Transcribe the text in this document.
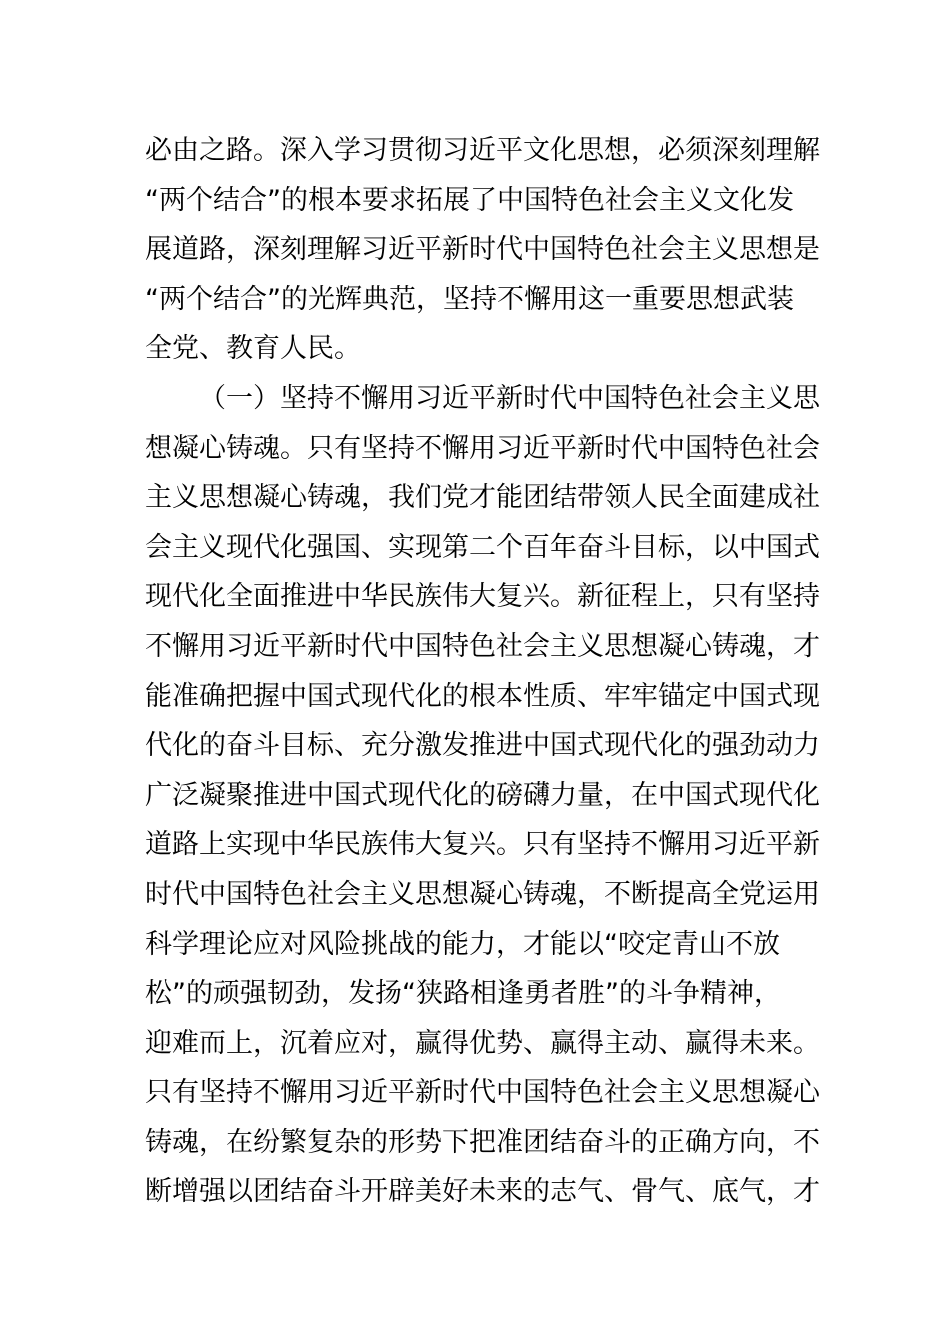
必由之路。深入学习贯彻习近平文化思想，必须深刻理解
“两个结合”的根本要求拓展了中国特色社会主义文化发
展道路，深刻理解习近平新时代中国特色社会主义思想是
“两个结合”的光辉典范，坚持不懈用这一重要思想武装
全党、教育人民。
（一）坚持不懈用习近平新时代中国特色社会主义思
想凝心铸魂。只有坚持不懈用习近平新时代中国特色社会
主义思想凝心铸魂，我们党才能团结带领人民全面建成社
会主义现代化强国、实现第二个百年奋斗目标，以中国式
现代化全面推进中华民族伟大复兴。新征程上，只有坚持
不懈用习近平新时代中国特色社会主义思想凝心铸魂，才
能准确把握中国式现代化的根本性质、牢牢锚定中国式现
代化的奋斗目标、充分激发推进中国式现代化的强劲动力
广泛凝聚推进中国式现代化的磅礴力量，在中国式现代化
道路上实现中华民族伟大复兴。只有坚持不懈用习近平新
时代中国特色社会主义思想凝心铸魂，不断提高全党运用
科学理论应对风险挑战的能力，才能以“咬定青山不放
松”的顽强韧劲，发扬“狭路相逢勇者胜”的斗争精神，
迎难而上，沉着应对，赢得优势、赢得主动、赢得未来。
只有坚持不懈用习近平新时代中国特色社会主义思想凝心
铸魂，在纷繁复杂的形势下把准团结奋斗的正确方向，不
断增强以团结奋斗开辟美好未来的志气、骨气、底气，才
